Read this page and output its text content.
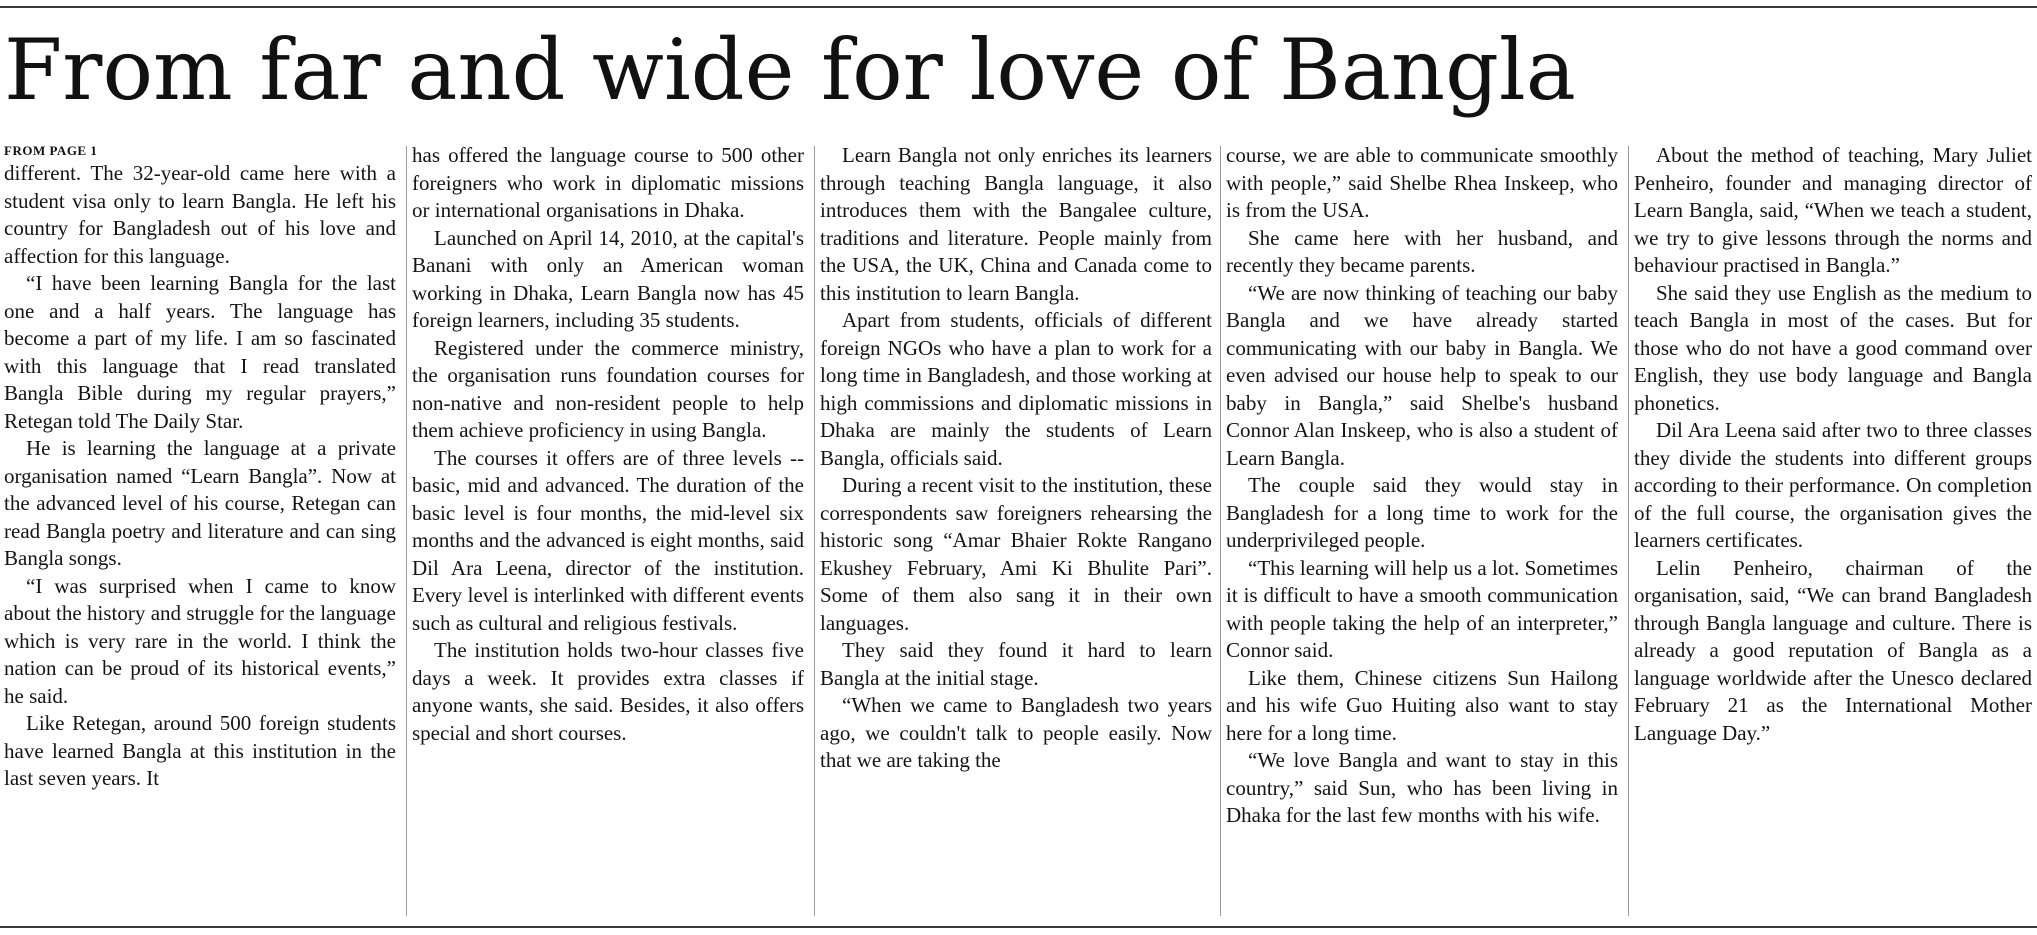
From far and wide for love of Bangla
FROM PAGE 1

different. The 32-year-old came here with a student visa only to learn Bangla. He left his country for Bangladesh out of his love and affection for this language.

“I have been learning Bangla for the last one and a half years. The language has become a part of my life. I am so fascinated with this language that I read translated Bangla Bible during my regular prayers,” Retegan told The Daily Star.

He is learning the language at a private organisation named “Learn Bangla”. Now at the advanced level of his course, Retegan can read Bangla poetry and literature and can sing Bangla songs.

“I was surprised when I came to know about the history and struggle for the language which is very rare in the world. I think the nation can be proud of its historical events,” he said.

Like Retegan, around 500 foreign students have learned Bangla at this institution in the last seven years. It

has offered the language course to 500 other foreigners who work in diplomatic missions or international organisations in Dhaka.

Launched on April 14, 2010, at the capital's Banani with only an American woman working in Dhaka, Learn Bangla now has 45 foreign learners, including 35 students.

Registered under the commerce ministry, the organisation runs foundation courses for non-native and non-resident people to help them achieve proficiency in using Bangla.

The courses it offers are of three levels -- basic, mid and advanced. The duration of the basic level is four months, the mid-level six months and the advanced is eight months, said Dil Ara Leena, director of the institution. Every level is interlinked with different events such as cultural and religious festivals.

The institution holds two-hour classes five days a week. It provides extra classes if anyone wants, she said. Besides, it also offers special and short courses.

Learn Bangla not only enriches its learners through teaching Bangla language, it also introduces them with the Bangalee culture, traditions and literature. People mainly from the USA, the UK, China and Canada come to this institution to learn Bangla.

Apart from students, officials of different foreign NGOs who have a plan to work for a long time in Bangladesh, and those working at high commissions and diplomatic missions in Dhaka are mainly the students of Learn Bangla, officials said.

During a recent visit to the institution, these correspondents saw foreigners rehearsing the historic song “Amar Bhaier Rokte Rangano Ekushey February, Ami Ki Bhulite Pari”. Some of them also sang it in their own languages.

They said they found it hard to learn Bangla at the initial stage.

“When we came to Bangladesh two years ago, we couldn't talk to people easily. Now that we are taking the

course, we are able to communicate smoothly with people,” said Shelbe Rhea Inskeep, who is from the USA.

She came here with her husband, and recently they became parents.

“We are now thinking of teaching our baby Bangla and we have already started communicating with our baby in Bangla. We even advised our house help to speak to our baby in Bangla,” said Shelbe's husband Connor Alan Inskeep, who is also a student of Learn Bangla.

The couple said they would stay in Bangladesh for a long time to work for the underprivileged people.

“This learning will help us a lot. Sometimes it is difficult to have a smooth communication with people taking the help of an interpreter,” Connor said.

Like them, Chinese citizens Sun Hailong and his wife Guo Huiting also want to stay here for a long time.

“We love Bangla and want to stay in this country,” said Sun, who has been living in Dhaka for the last few months with his wife.

About the method of teaching, Mary Juliet Penheiro, founder and managing director of Learn Bangla, said, “When we teach a student, we try to give lessons through the norms and behaviour practised in Bangla.”

She said they use English as the medium to teach Bangla in most of the cases. But for those who do not have a good command over English, they use body language and Bangla phonetics.

Dil Ara Leena said after two to three classes they divide the students into different groups according to their performance. On completion of the full course, the organisation gives the learners certificates.

Lelin Penheiro, chairman of the organisation, said, “We can brand Bangladesh through Bangla language and culture. There is already a good reputation of Bangla as a language worldwide after the Unesco declared February 21 as the International Mother Language Day.”
